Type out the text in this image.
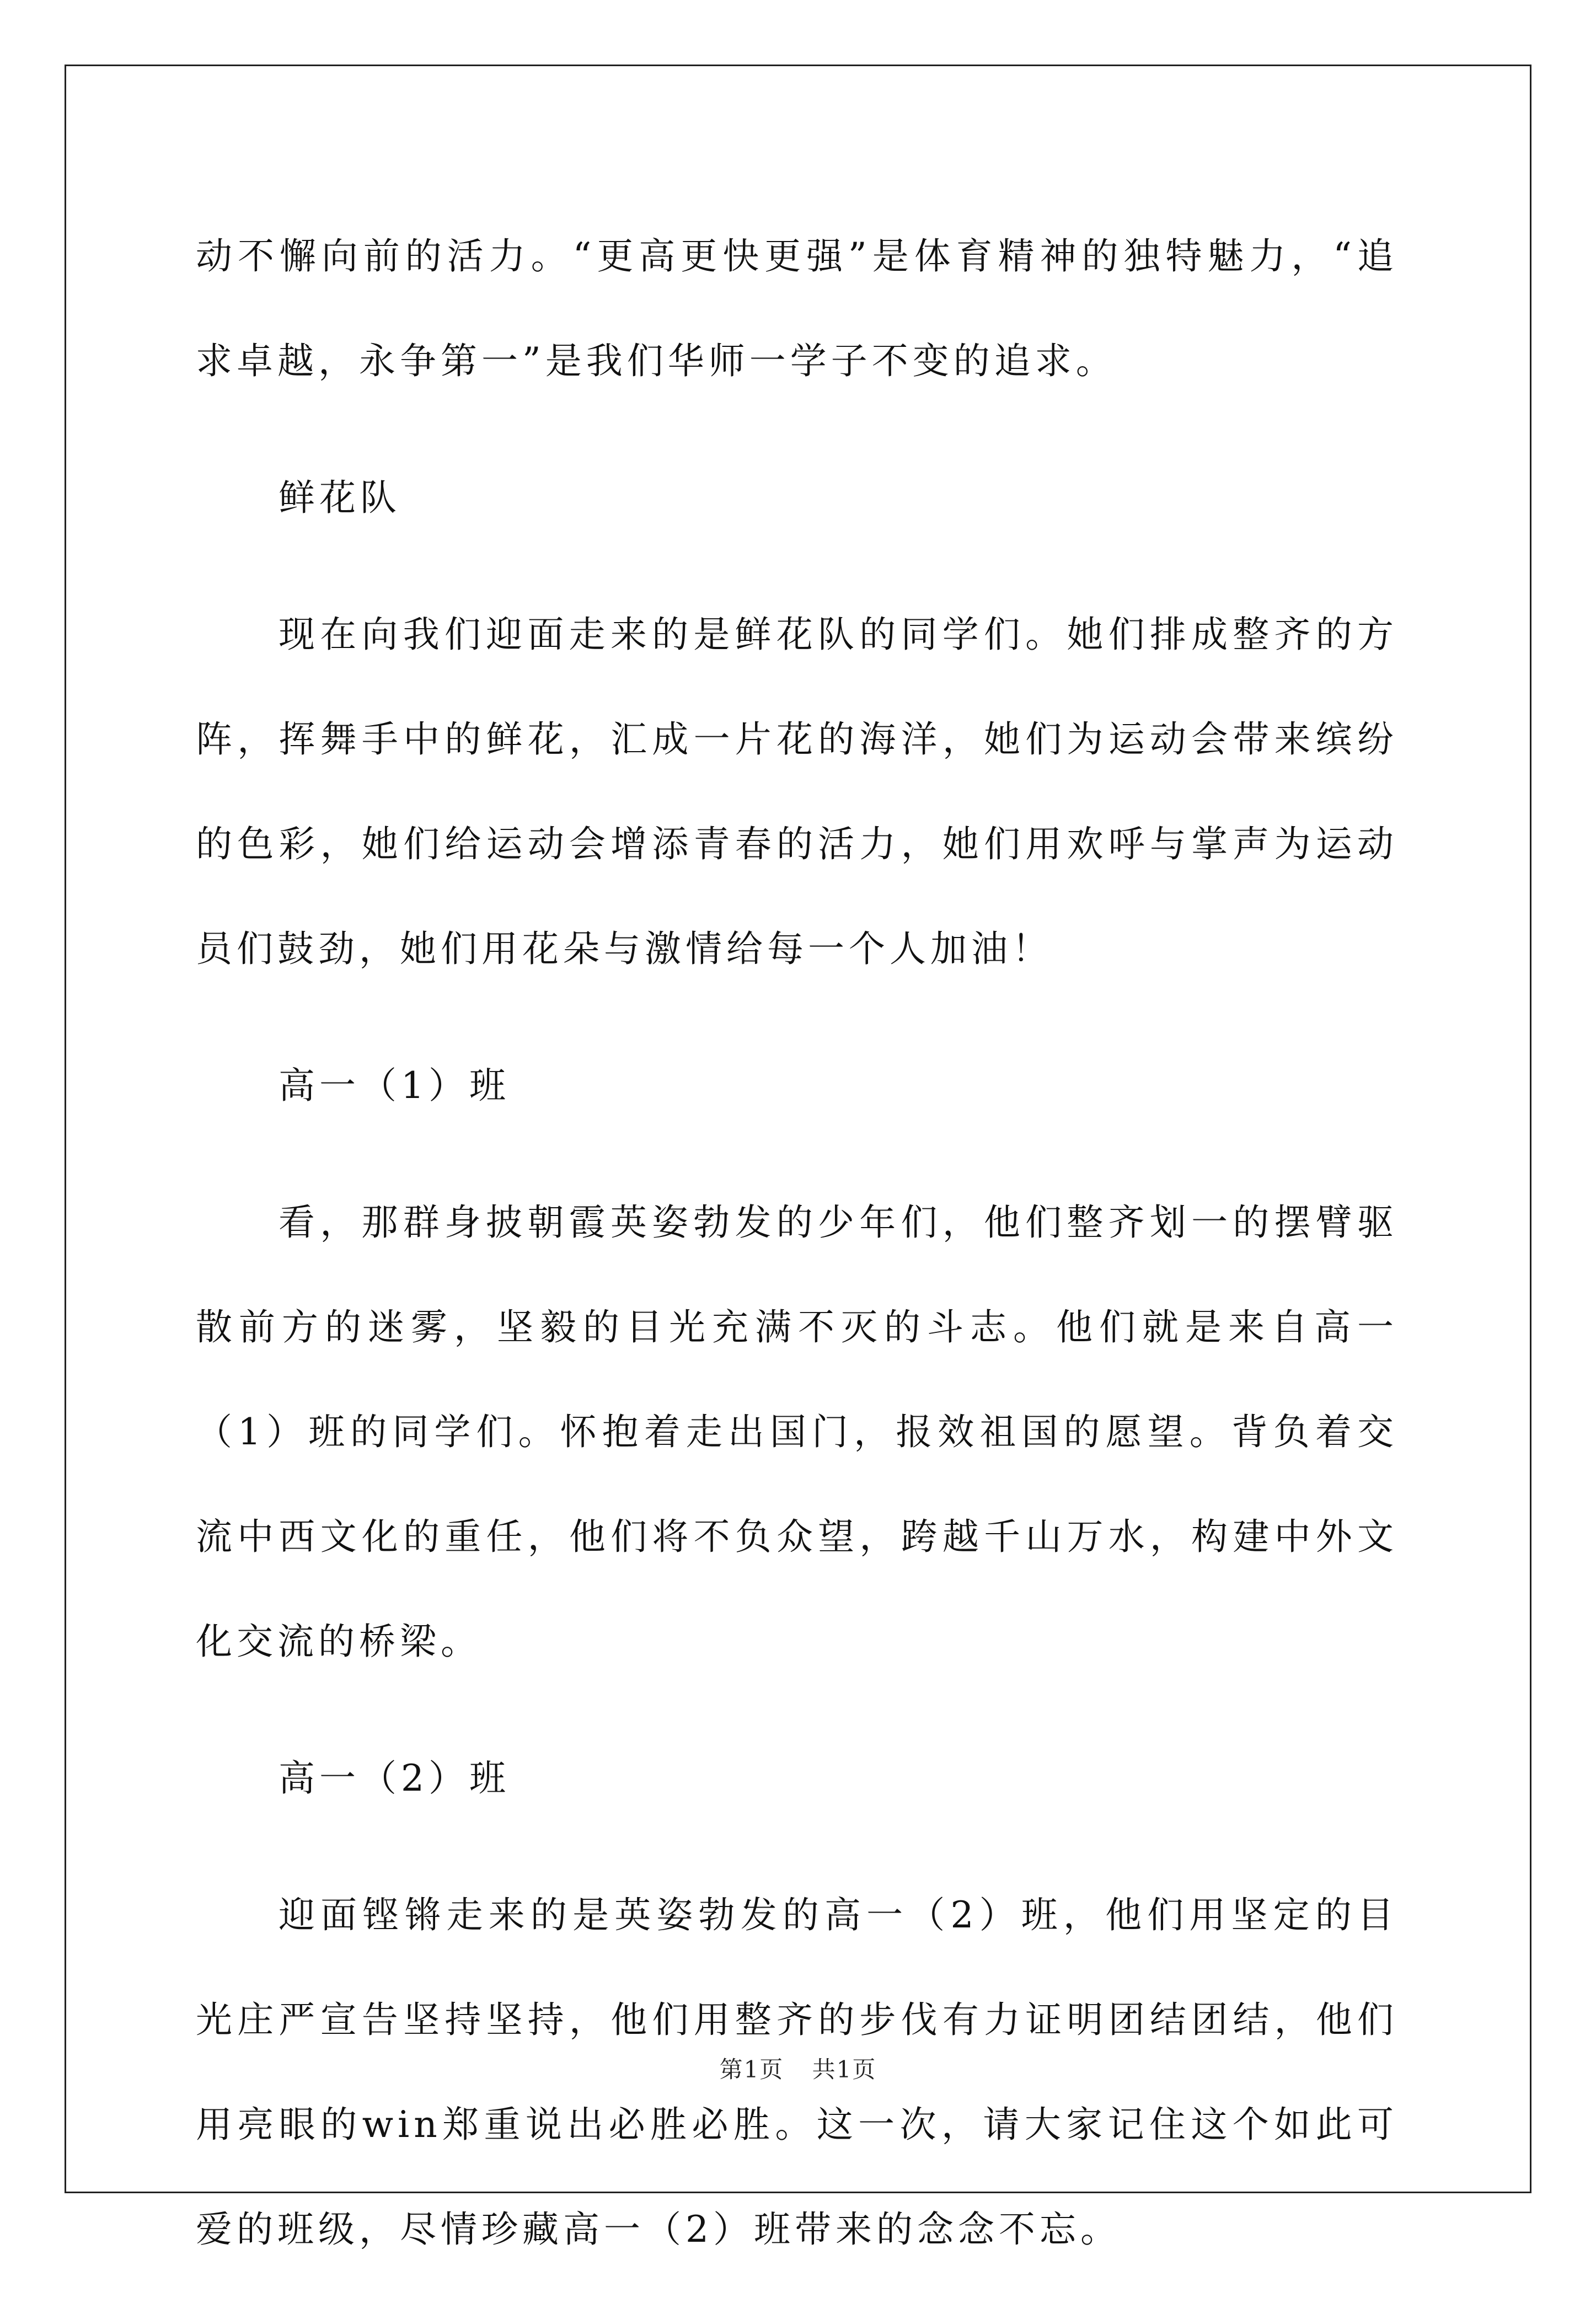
动不懈向前的活力。“更高更快更强”是体育精神的独特魅力，“追求卓越，永争第一”是我们华师一学子不变的追求。

鲜花队

现在向我们迎面走来的是鲜花队的同学们。她们排成整齐的方阵，挥舞手中的鲜花，汇成一片花的海洋，她们为运动会带来缤纷的色彩，她们给运动会增添青春的活力，她们用欢呼与掌声为运动员们鼓劲，她们用花朵与激情给每一个人加油！

高一（1）班

看，那群身披朝霞英姿勃发的少年们，他们整齐划一的摆臂驱散前方的迷雾，坚毅的目光充满不灭的斗志。他们就是来自高一（1）班的同学们。怀抱着走出国门，报效祖国的愿望。背负着交流中西文化的重任，他们将不负众望，跨越千山万水，构建中外文化交流的桥梁。

高一（2）班

迎面铿锵走来的是英姿勃发的高一（2）班，他们用坚定的目光庄严宣告坚持坚持，他们用整齐的步伐有力证明团结团结，他们用亮眼的win郑重说出必胜必胜。这一次，请大家记住这个如此可爱的班级，尽情珍藏高一（2）班带来的念念不忘。

第1页 共1页
